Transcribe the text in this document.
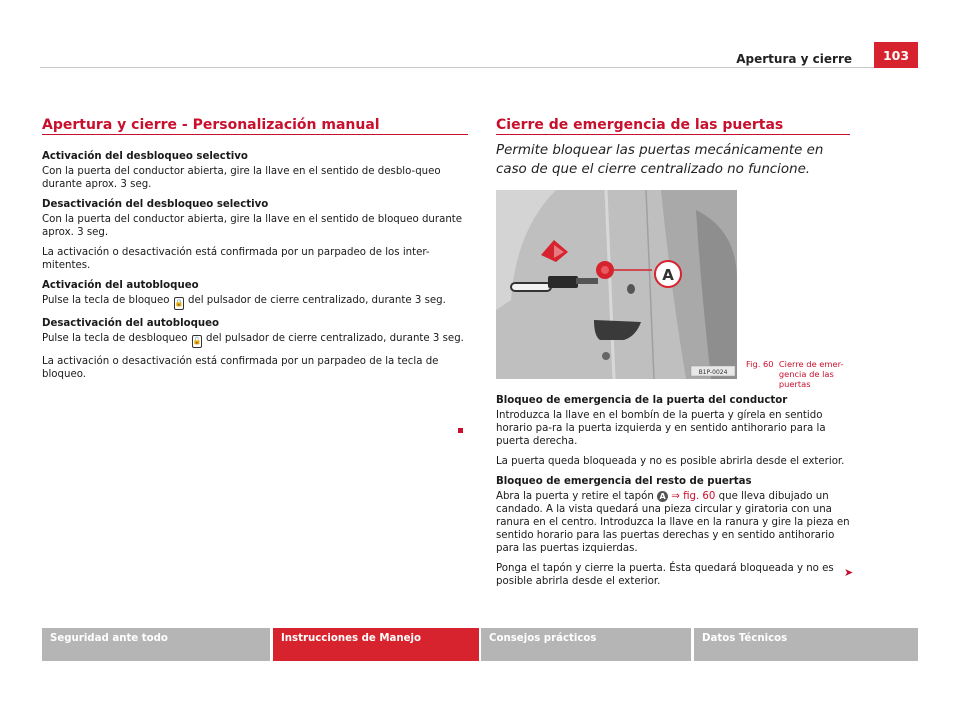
Apertura y cierre	103
Apertura y cierre - Personalización manual

Activación del desbloqueo selectivo

Con la puerta del conductor abierta, gire la llave en el sentido de desblo-queo durante aprox. 3 seg.

Desactivación del desbloqueo selectivo

Con la puerta del conductor abierta, gire la llave en el sentido de bloqueo durante aprox. 3 seg.

La activación o desactivación está confirmada por un parpadeo de los inter-mitentes.

Activación del autobloqueo

Pulse la tecla de bloqueo 🔒 del pulsador de cierre centralizado, durante 3 seg.

Desactivación del autobloqueo

Pulse la tecla de desbloqueo 🔓 del pulsador de cierre centralizado, durante 3 seg.

La activación o desactivación está confirmada por un parpadeo de la tecla de bloqueo.

Cierre de emergencia de las puertas
Permite bloquear las puertas mecánicamente en caso de que el cierre centralizado no funcione.
A
B1P-0024
Fig. 60 Cierre de emer-gencia de las puertas

Bloqueo de emergencia de la puerta del conductor

Introduzca la llave en el bombín de la puerta y gírela en sentido horario pa-ra la puerta izquierda y en sentido antihorario para la puerta derecha.

La puerta queda bloqueada y no es posible abrirla desde el exterior.

Bloqueo de emergencia del resto de puertas

Abra la puerta y retire el tapón A ⇒ fig. 60 que lleva dibujado un candado. A la vista quedará una pieza circular y giratoria con una ranura en el centro. Introduzca la llave en la ranura y gire la pieza en sentido horario para las puertas derechas y en sentido antihorario para las puertas izquierdas.

Ponga el tapón y cierre la puerta. Ésta quedará bloqueada y no es posible abrirla desde el exterior.

➤
Seguridad ante todo	Instrucciones de Manejo	Consejos prácticos	Datos Técnicos
